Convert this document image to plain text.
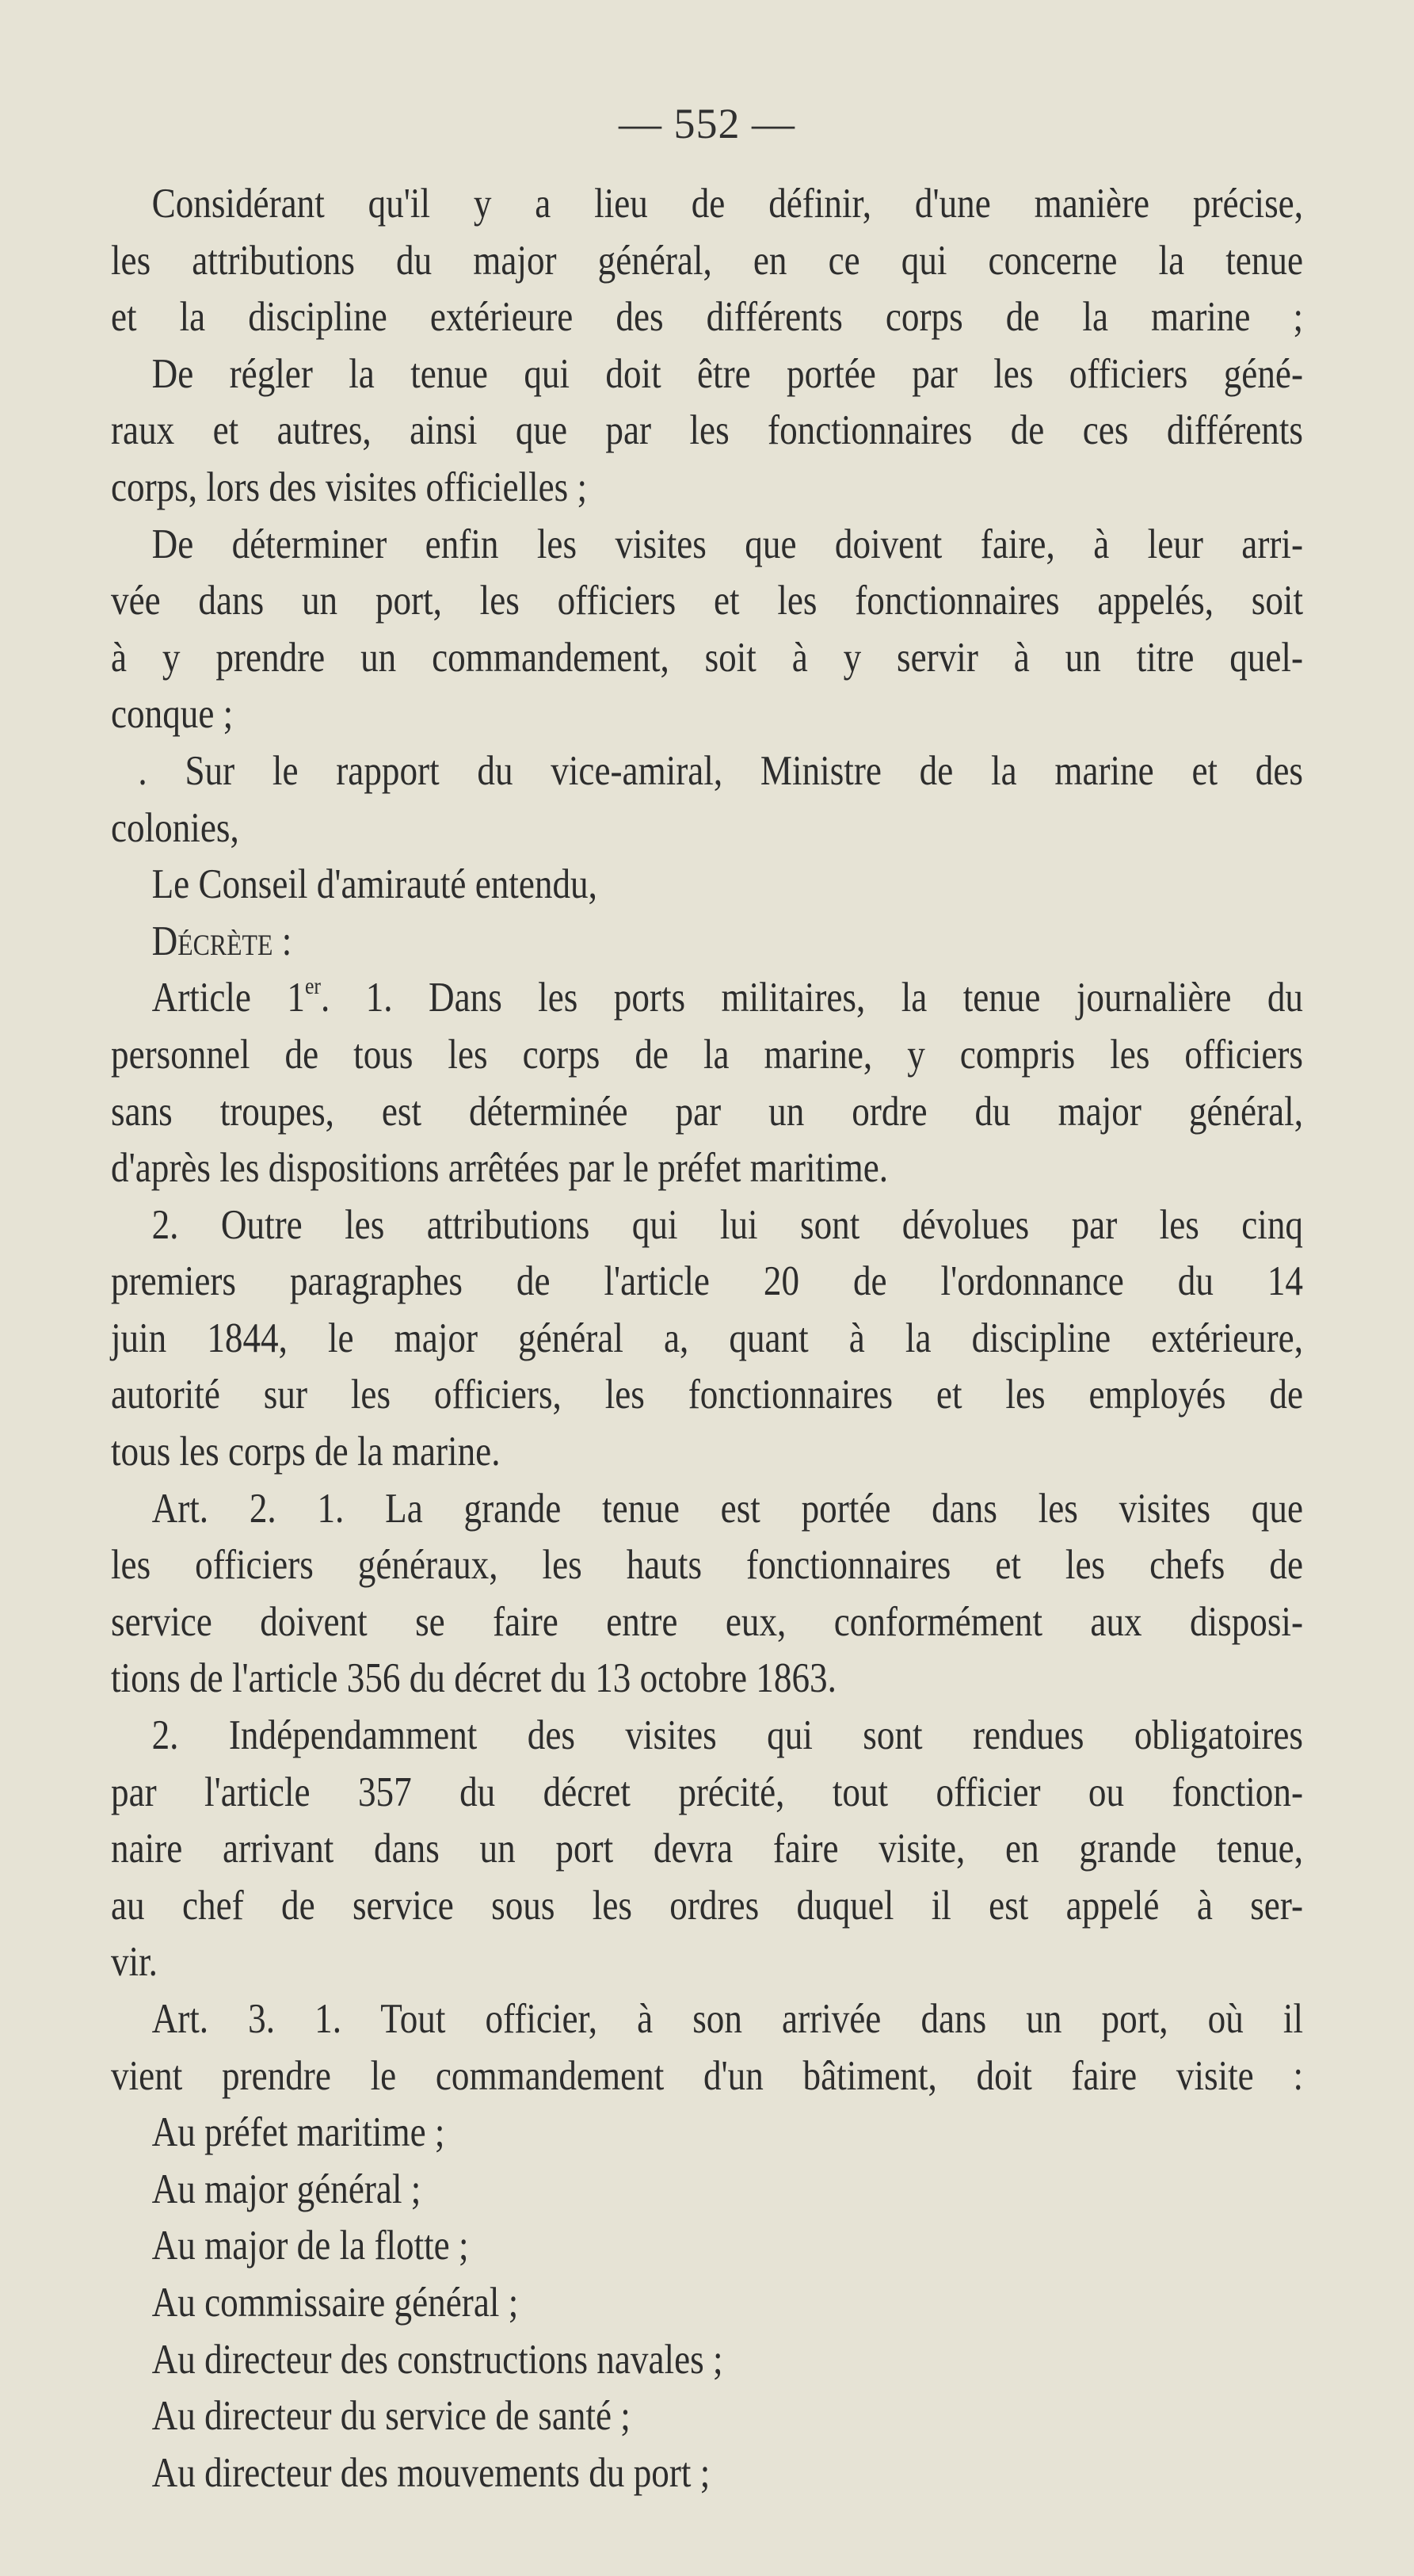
— 552 —
Considérant qu'il y a lieu de définir, d'une manière précise,
les attributions du major général, en ce qui concerne la tenue
et la discipline extérieure des différents corps de la marine ;
De régler la tenue qui doit être portée par les officiers géné-
raux et autres, ainsi que par les fonctionnaires de ces différents
corps, lors des visites officielles ;
De déterminer enfin les visites que doivent faire, à leur arri-
vée dans un port, les officiers et les fonctionnaires appelés, soit
à y prendre un commandement, soit à y servir à un titre quel-
conque ;
. Sur le rapport du vice-amiral, Ministre de la marine et des
colonies,
Le Conseil d'amirauté entendu,
Décrète :
Article 1er. 1. Dans les ports militaires, la tenue journalière du
personnel de tous les corps de la marine, y compris les officiers
sans troupes, est déterminée par un ordre du major général,
d'après les dispositions arrêtées par le préfet maritime.
2. Outre les attributions qui lui sont dévolues par les cinq
premiers paragraphes de l'article 20 de l'ordonnance du 14
juin 1844, le major général a, quant à la discipline extérieure,
autorité sur les officiers, les fonctionnaires et les employés de
tous les corps de la marine.
Art. 2. 1. La grande tenue est portée dans les visites que
les officiers généraux, les hauts fonctionnaires et les chefs de
service doivent se faire entre eux, conformément aux disposi-
tions de l'article 356 du décret du 13 octobre 1863.
2. Indépendamment des visites qui sont rendues obligatoires
par l'article 357 du décret précité, tout officier ou fonction-
naire arrivant dans un port devra faire visite, en grande tenue,
au chef de service sous les ordres duquel il est appelé à ser-
vir.
Art. 3. 1. Tout officier, à son arrivée dans un port, où il
vient prendre le commandement d'un bâtiment, doit faire visite :
Au préfet maritime ;
Au major général ;
Au major de la flotte ;
Au commissaire général ;
Au directeur des constructions navales ;
Au directeur du service de santé ;
Au directeur des mouvements du port ;
